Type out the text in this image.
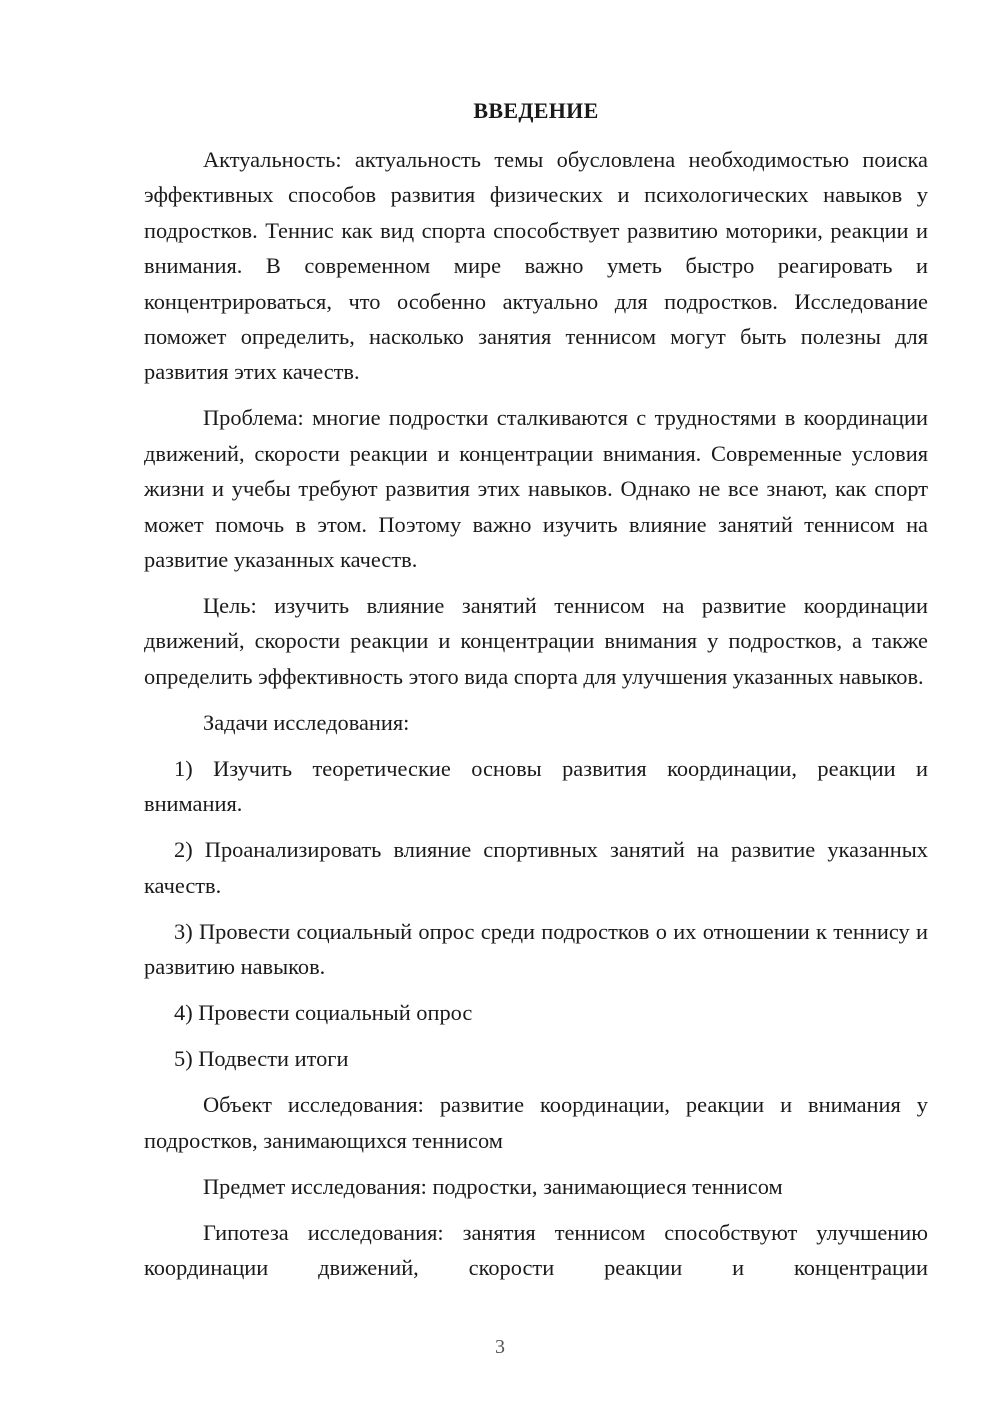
ВВЕДЕНИЕ

Актуальность: актуальность темы обусловлена необходимостью поиска эффективных способов развития физических и психологических навыков у подростков. Теннис как вид спорта способствует развитию моторики, реакции и внимания. В современном мире важно уметь быстро реагировать и концентрироваться, что особенно актуально для подростков. Исследование поможет определить, насколько занятия теннисом могут быть полезны для развития этих качеств.

Проблема: многие подростки сталкиваются с трудностями в координации движений, скорости реакции и концентрации внимания. Современные условия жизни и учебы требуют развития этих навыков. Однако не все знают, как спорт может помочь в этом. Поэтому важно изучить влияние занятий теннисом на развитие указанных качеств.

Цель: изучить влияние занятий теннисом на развитие координации движений, скорости реакции и концентрации внимания у подростков, а также определить эффективность этого вида спорта для улучшения указанных навыков.

Задачи исследования:

1) Изучить теоретические основы развития координации, реакции и внимания.

2) Проанализировать влияние спортивных занятий на развитие указанных качеств.

3) Провести социальный опрос среди подростков о их отношении к теннису и развитию навыков.

4) Провести социальный опрос

5) Подвести итоги

Объект исследования: развитие координации, реакции и внимания у подростков, занимающихся теннисом

Предмет исследования: подростки, занимающиеся теннисом

Гипотеза исследования: занятия теннисом способствуют улучшению координации движений, скорости реакции и концентрации

3
